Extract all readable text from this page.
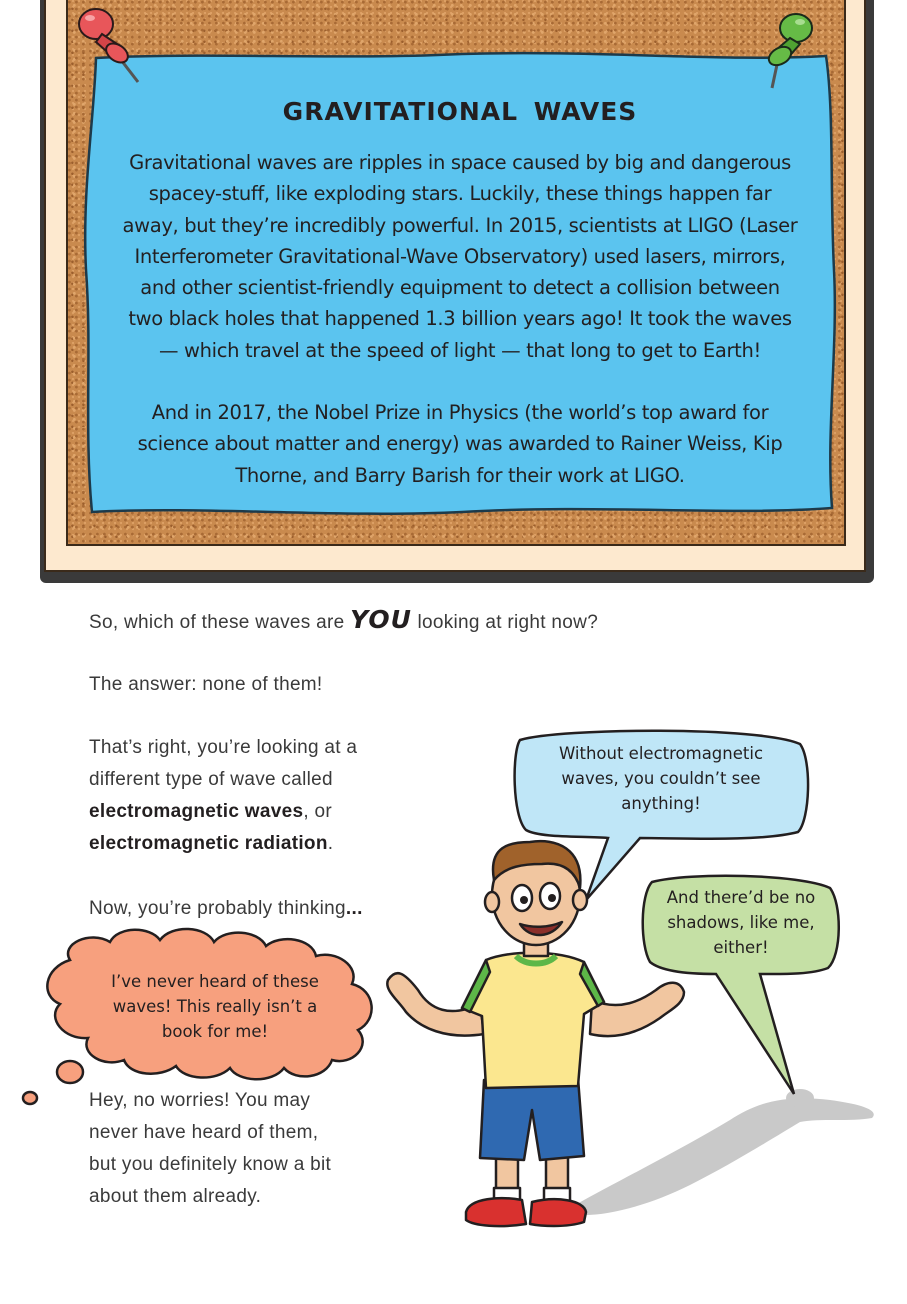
GRAVITATIONAL WAVES

Gravitational waves are ripples in space caused by big and dangerous spacey-stuff, like exploding stars. Luckily, these things happen far away, but they’re incredibly powerful. In 2015, scientists at LIGO (Laser Interferometer Gravitational-Wave Observatory) used lasers, mirrors, and other scientist-friendly equipment to detect a collision between two black holes that happened 1.3 billion years ago! It took the waves — which travel at the speed of light — that long to get to Earth!

And in 2017, the Nobel Prize in Physics (the world’s top award for science about matter and energy) was awarded to Rainer Weiss, Kip Thorne, and Barry Barish for their work at LIGO.

Without electromagnetic
waves, you couldn’t see
anything!
And there’d be no
shadows, like me,
either!
I’ve never heard of these
waves! This really isn’t a
book for me!
So, which of these waves are YOU looking at right now?
The answer: none of them!
That’s right, you’re looking at a
different type of wave called
electromagnetic waves, or
electromagnetic radiation.
Now, you’re probably thinking...
Hey, no worries! You may
never have heard of them,
but you definitely know a bit
about them already.
